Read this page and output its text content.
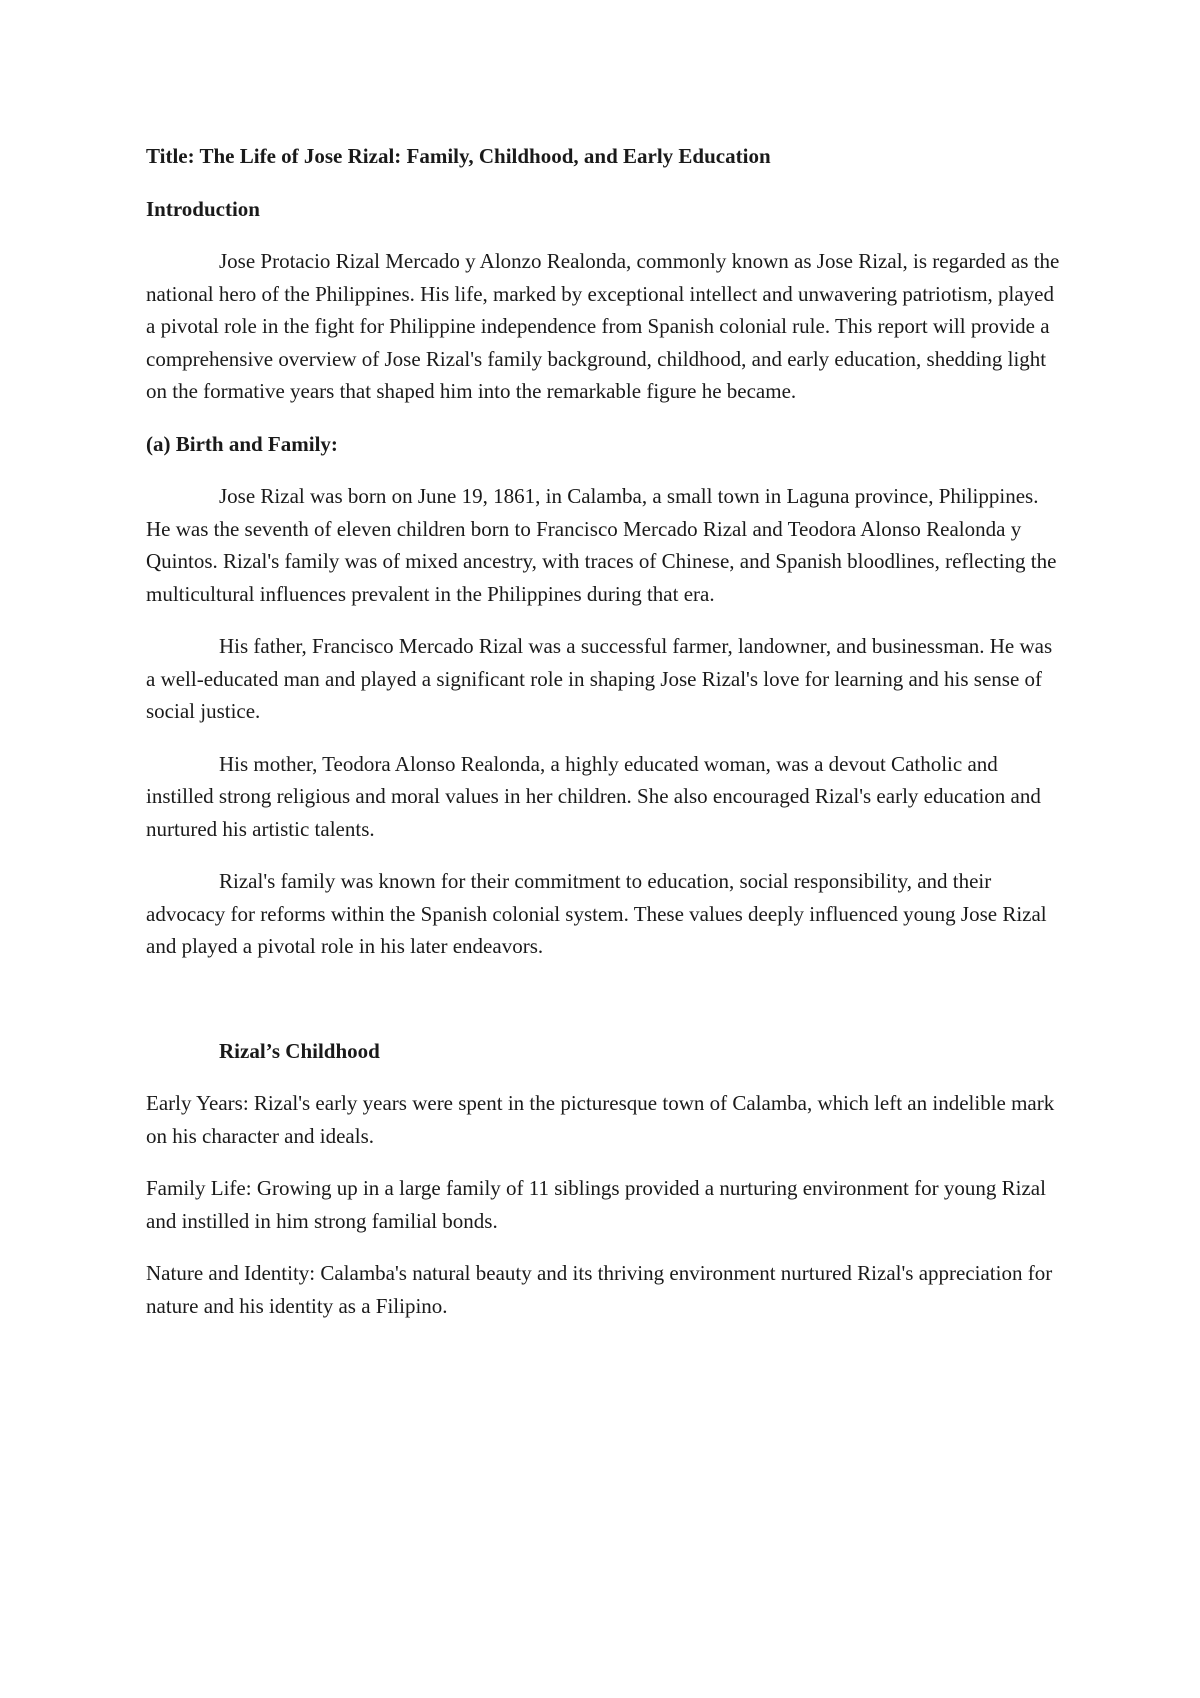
Title: The Life of Jose Rizal: Family, Childhood, and Early Education
Introduction

Jose Protacio Rizal Mercado y Alonzo Realonda, commonly known as Jose Rizal, is regarded as the national hero of the Philippines. His life, marked by exceptional intellect and unwavering patriotism, played a pivotal role in the fight for Philippine independence from Spanish colonial rule. This report will provide a comprehensive overview of Jose Rizal's family background, childhood, and early education, shedding light on the formative years that shaped him into the remarkable figure he became.

(a) Birth and Family:

Jose Rizal was born on June 19, 1861, in Calamba, a small town in Laguna province, Philippines. He was the seventh of eleven children born to Francisco Mercado Rizal and Teodora Alonso Realonda y Quintos. Rizal's family was of mixed ancestry, with traces of Chinese, and Spanish bloodlines, reflecting the multicultural influences prevalent in the Philippines during that era.

His father, Francisco Mercado Rizal was a successful farmer, landowner, and businessman. He was a well-educated man and played a significant role in shaping Jose Rizal's love for learning and his sense of social justice.

His mother, Teodora Alonso Realonda, a highly educated woman, was a devout Catholic and instilled strong religious and moral values in her children. She also encouraged Rizal's early education and nurtured his artistic talents.

Rizal's family was known for their commitment to education, social responsibility, and their advocacy for reforms within the Spanish colonial system. These values deeply influenced young Jose Rizal and played a pivotal role in his later endeavors.

Rizal’s Childhood

Early Years: Rizal's early years were spent in the picturesque town of Calamba, which left an indelible mark on his character and ideals.

Family Life: Growing up in a large family of 11 siblings provided a nurturing environment for young Rizal and instilled in him strong familial bonds.

Nature and Identity: Calamba's natural beauty and its thriving environment nurtured Rizal's appreciation for nature and his identity as a Filipino.
